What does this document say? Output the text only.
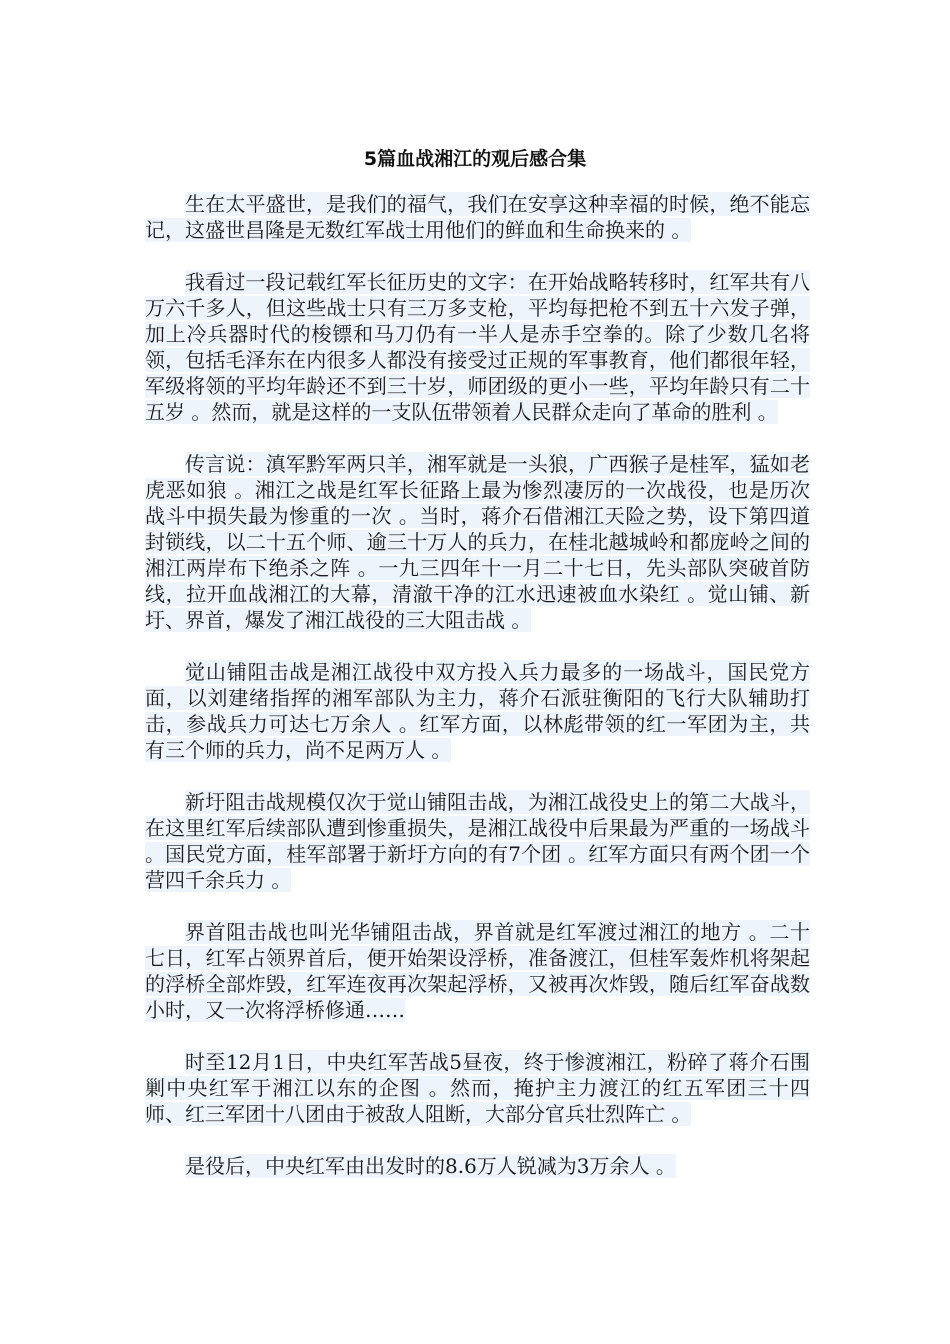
5篇血战湘江的观后感合集

生在太平盛世，是我们的福气，我们在安享这种幸福的时候，绝不能忘记，这盛世昌隆是无数红军战士用他们的鲜血和生命换来的 。

我看过一段记载红军长征历史的文字：在开始战略转移时，红军共有八万六千多人，但这些战士只有三万多支枪，平均每把枪不到五十六发子弹，加上冷兵器时代的梭镖和马刀仍有一半人是赤手空拳的。除了少数几名将领，包括毛泽东在内很多人都没有接受过正规的军事教育，他们都很年轻，军级将领的平均年龄还不到三十岁，师团级的更小一些，平均年龄只有二十五岁 。然而，就是这样的一支队伍带领着人民群众走向了革命的胜利 。

传言说：滇军黔军两只羊，湘军就是一头狼，广西猴子是桂军，猛如老虎恶如狼 。湘江之战是红军长征路上最为惨烈凄厉的一次战役，也是历次战斗中损失最为惨重的一次 。当时，蒋介石借湘江天险之势，设下第四道封锁线，以二十五个师、逾三十万人的兵力，在桂北越城岭和都庞岭之间的湘江两岸布下绝杀之阵 。一九三四年十一月二十七日，先头部队突破首防线，拉开血战湘江的大幕，清澈干净的江水迅速被血水染红 。觉山铺、新圩、界首，爆发了湘江战役的三大阻击战 。

觉山铺阻击战是湘江战役中双方投入兵力最多的一场战斗，国民党方面，以刘建绪指挥的湘军部队为主力，蒋介石派驻衡阳的飞行大队辅助打击，参战兵力可达七万余人 。红军方面，以林彪带领的红一军团为主，共有三个师的兵力，尚不足两万人 。

新圩阻击战规模仅次于觉山铺阻击战，为湘江战役史上的第二大战斗，在这里红军后续部队遭到惨重损失，是湘江战役中后果最为严重的一场战斗 。国民党方面，桂军部署于新圩方向的有7个团 。红军方面只有两个团一个营四千余兵力 。

界首阻击战也叫光华铺阻击战，界首就是红军渡过湘江的地方 。二十七日，红军占领界首后，便开始架设浮桥，准备渡江，但桂军轰炸机将架起的浮桥全部炸毁，红军连夜再次架起浮桥，又被再次炸毁，随后红军奋战数小时，又一次将浮桥修通……

时至12月1日，中央红军苦战5昼夜，终于惨渡湘江，粉碎了蒋介石围剿中央红军于湘江以东的企图 。然而，掩护主力渡江的红五军团三十四师、红三军团十八团由于被敌人阻断，大部分官兵壮烈阵亡 。

是役后，中央红军由出发时的8.6万人锐减为3万余人 。
